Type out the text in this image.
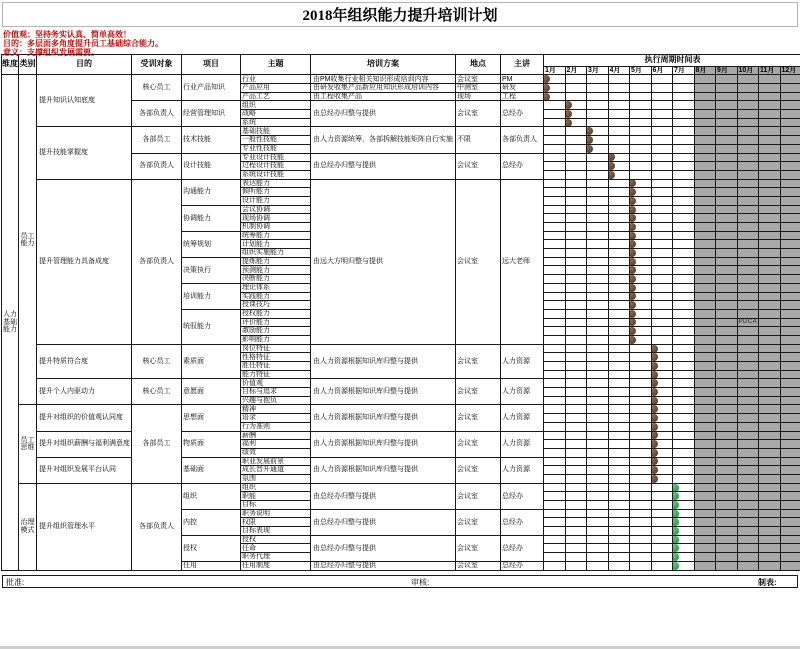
2018年组织能力提升培训计划
价值观：坚持务实认真、简单高效！
目的：多层面多角度提升员工基础综合能力。
意义：支撑组织发展需要。
维度	类别	目的	受训对象	项目	主题	培训方案	地点	主讲	执行周期时间表											
									1月	2月	3月	4月	5月	6月	7月	8月	9月	10月	11月	12月
人力基础能力	员工能力	提升知识认知底度	核心员工	行业产品知识	行业	由PM收集行业相关知识形成培训内容	会议室	PM	

					产品应用	由研发收集产品新应用知识形成培训内容	中测室	研发	

					产品工艺	由工程收集产品	现场	工程	

			各部负责人	经营管理知识	组织	由总经办归整与提供	会议室	总经办		

					战略					

					系统					

		提升技能掌握度	各部员工	技术技能	基础技能	由人力资源统筹，各部拆解技能矩阵自行实施	不限	各部负责人			

					一般性技能						

					专业性技能						

			各部负责人	设计技能	专业设计技能	由总经办归整与提供	会议室	总经办				

					过程设计技能							

					系统设计技能							

		提升管理能力具备成度	各部负责人	沟通能力	表达能力	由远大方明归整与提供	会议室	远大老师					

					倾听能力								

					设计能力								

				协调能力	会议协调								

					现场协调								

					机制协调								

				统筹规划	统筹能力								

					计划能力								

					组织实施能力								

				决策执行	提炼能力								

					预测能力								

					决断能力								

				培训能力	理论体系								

					实践能力								

					授课技巧								

				统驭能力	授权能力								

					评价能力													PDCA		

					激励能力								

					影响能力								

		提升特质符合度	核心员工	素质面	岗位特征	由人力资源根据知识库归整与提供	会议室	人力资源						

					性格特征									

					胜任特征									

					能力特征									

		提升个人内驱动力	核心员工	意愿面	价值观	由人力资源根据知识库归整与提供	会议室	人力资源						

					目标与追求									

					兴趣与抱负									

	员工思维	提升对组织的价值观认同度	各部员工	思想面	精神	由人力资源根据知识库归整与提供	会议室	人力资源						

					语录									

					行为准则									

		提升对组织薪酬与福利满意度		物质面	薪酬	由人力资源根据知识库归整与提供	会议室	人力资源						

					福利									

					绩效									

		提升对组织发展平台认同		基础面	职业发展前景	由人力资源根据知识库归整与提供	会议室	人力资源						

					成长晋升通道									

					氛围									

	治理模式	提升组织管理水平	各部负责人	组织	组织	由总经办归整与提供	会议室	总经办							

					职能										

					目标										

				内控	职务说明	由总经办归整与提供	会议室	总经办							

					权限										

					目标表现										

				授权	授权	由总经办归整与提供	会议室	总经办							

					任命										

					职务代理										

				任用	任用制度	由总经办归整与提供	会议室	总经办							

批准:	审核:	制表:
